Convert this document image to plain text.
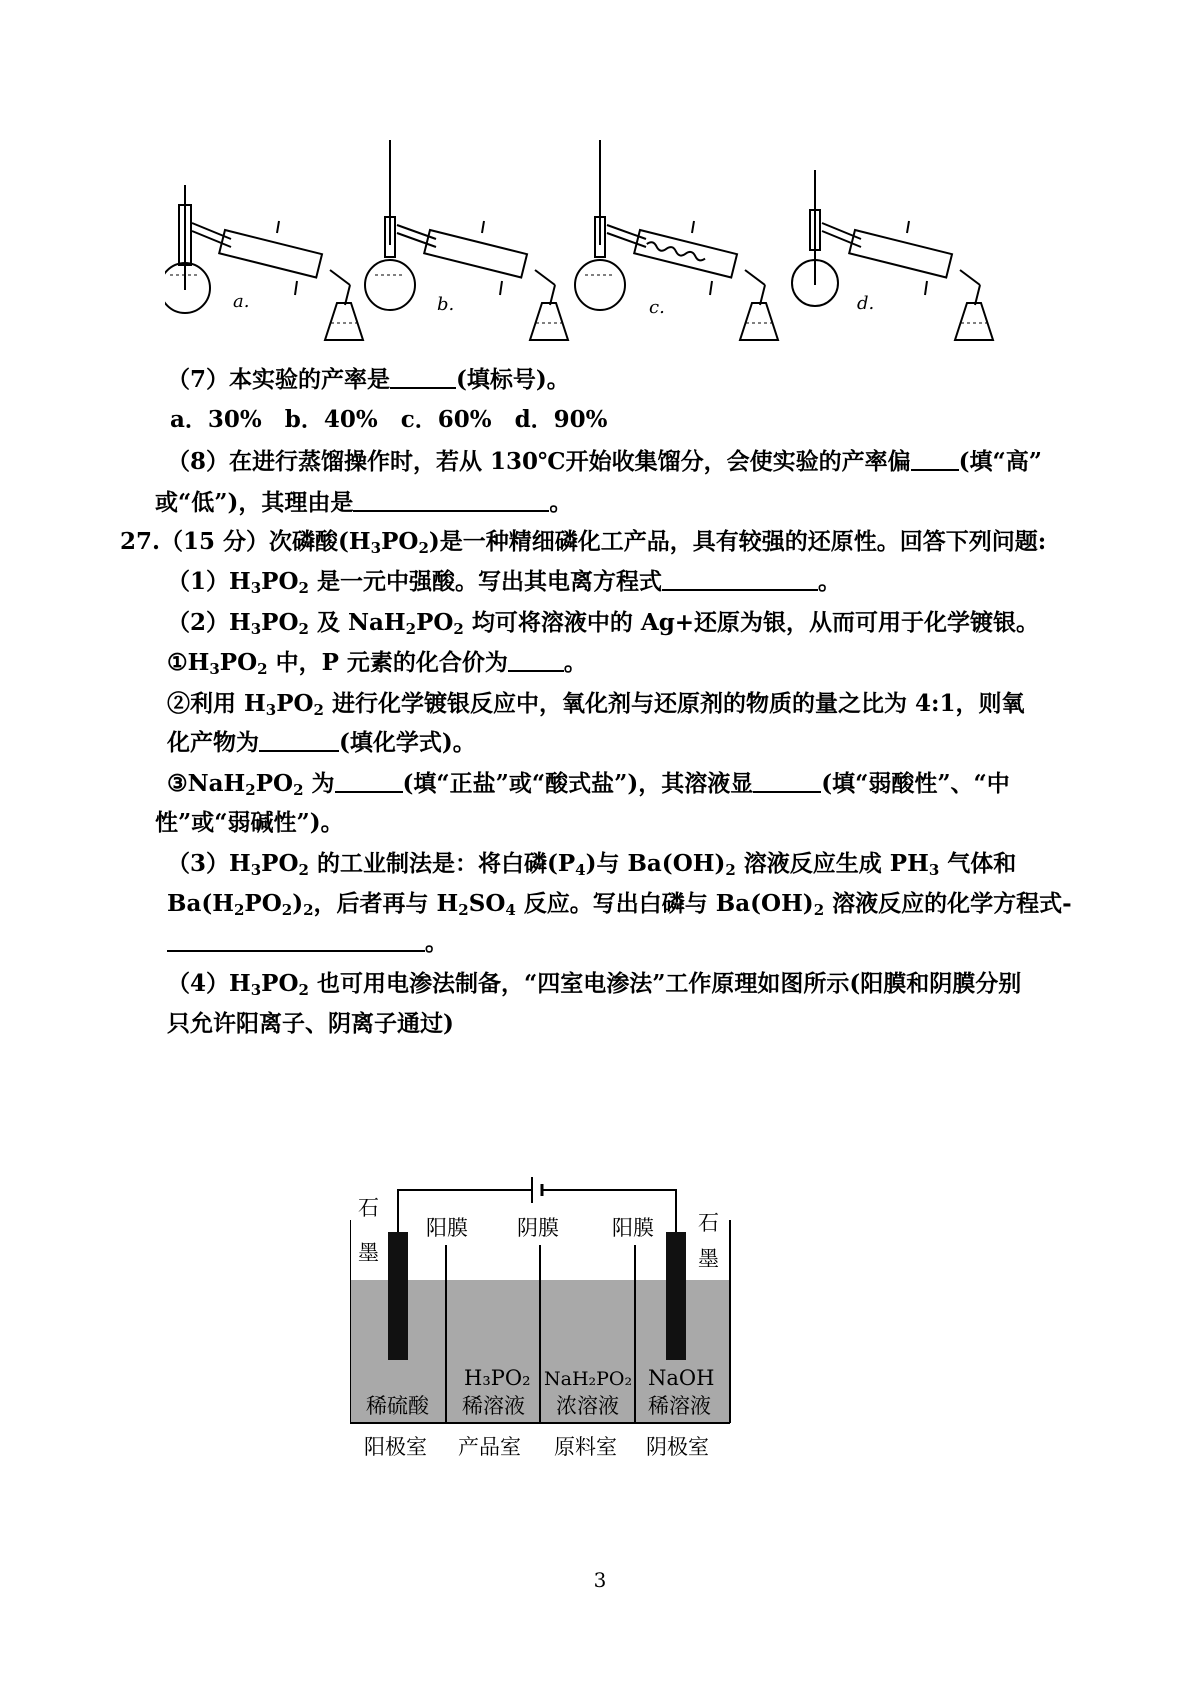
a.	b.	c.	d.
（7）本实验的产率是	(填标号)。
a．30%　b．40%　c．60%　d．90%
（8）在进行蒸馏操作时，若从 130℃开始收集馏分，会使实验的产率偏 (填“高”
或“低”)，其理由是	。
27.（15 分）次磷酸$(H_3PO_2)$是一种精细磷化工产品，具有较强的还原性。回答下列问题:
$(1)H_3PO_2$ 是一元中强酸。写出其电离方程式	。
$(2)H_3PO_2$ 及 $NaH_2PO_2$ 均可将溶液中的 Ag+还原为银，从而可用于化学镀银。
$①H_3PO_2$ 中，P 元素的化合价为 。
②利用 $H_3PO_2$ 进行化学镀银反应中，氧化剂与还原剂的物质的量之比为 4:1，则氧
化产物为	(填化学式)。
$③NaH_2PO_2$ 为	(填“正盐”或“酸式盐”)，其溶液显	(填“弱酸性”、“中
性”或“弱碱性”)。
$(3)H_3PO_2$ 的工业制法是：将白磷$(P_4)$与 $Ba(OH)_2$ 溶液反应生成 $PH_3$ 气体和
$Ba(H_2PO_2)_2$，后者再与 $H_2SO_4$ 反应。写出白磷与 $Ba(OH)_2$ 溶液反应的化学方程式-
。
$(4)H_3PO_2$ 也可用电渗法制备，“四室电渗法”工作原理如图所示(阳膜和阴膜分别
只允许阳离子、阴离子通过)
石
墨
石
墨
阳膜 阴膜	阳膜
稀硫酸
H₃PO₂
稀溶液
NaH₂PO₂
浓溶液
NaOH
稀溶液
阳极室 产品室 原料室 阴极室
3
